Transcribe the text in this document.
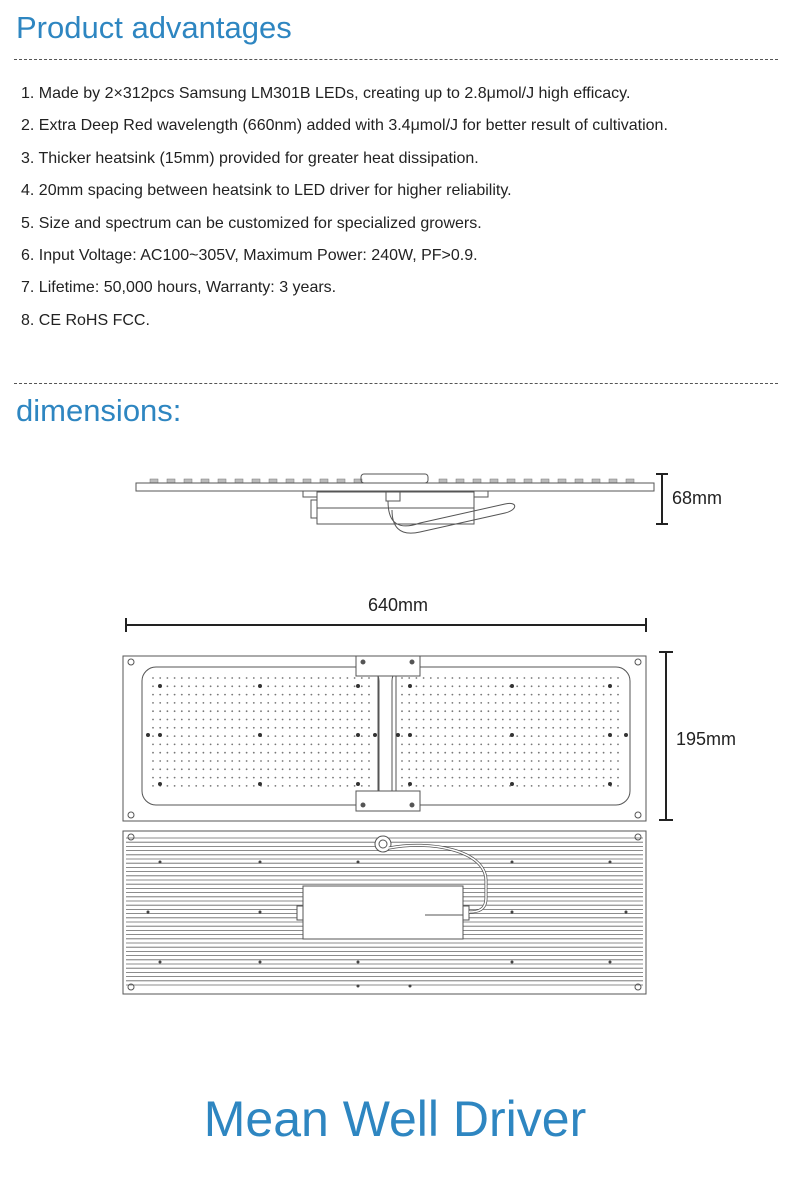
Product advantages
1. Made by 2×312pcs Samsung LM301B LEDs, creating up to 2.8μmol/J high efficacy.
2. Extra Deep Red wavelength (660nm) added with 3.4μmol/J for better result of cultivation.
3. Thicker heatsink (15mm) provided for greater heat dissipation.
4. 20mm spacing between heatsink to LED driver for higher reliability.
5. Size and spectrum can be customized for specialized growers.
6. Input Voltage: AC100~305V, Maximum Power: 240W, PF>0.9.
7. Lifetime: 50,000 hours, Warranty: 3 years.
8. CE RoHS FCC.
dimensions:
68mm
640mm
195mm
Mean Well Driver
